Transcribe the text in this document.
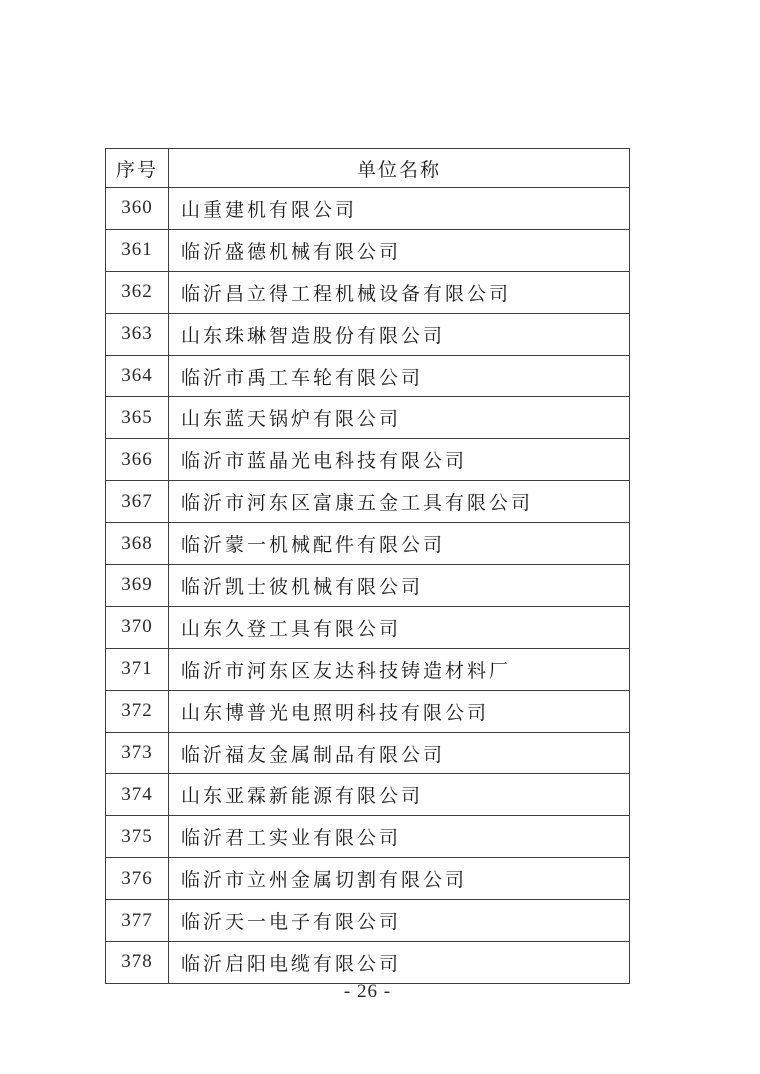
序号	单位名称
360	山重建机有限公司
361	临沂盛德机械有限公司
362	临沂昌立得工程机械设备有限公司
363	山东珠琳智造股份有限公司
364	临沂市禹工车轮有限公司
365	山东蓝天锅炉有限公司
366	临沂市蓝晶光电科技有限公司
367	临沂市河东区富康五金工具有限公司
368	临沂蒙一机械配件有限公司
369	临沂凯士彼机械有限公司
370	山东久登工具有限公司
371	临沂市河东区友达科技铸造材料厂
372	山东博普光电照明科技有限公司
373	临沂福友金属制品有限公司
374	山东亚霖新能源有限公司
375	临沂君工实业有限公司
376	临沂市立州金属切割有限公司
377	临沂天一电子有限公司
378	临沂启阳电缆有限公司
- 26 -
